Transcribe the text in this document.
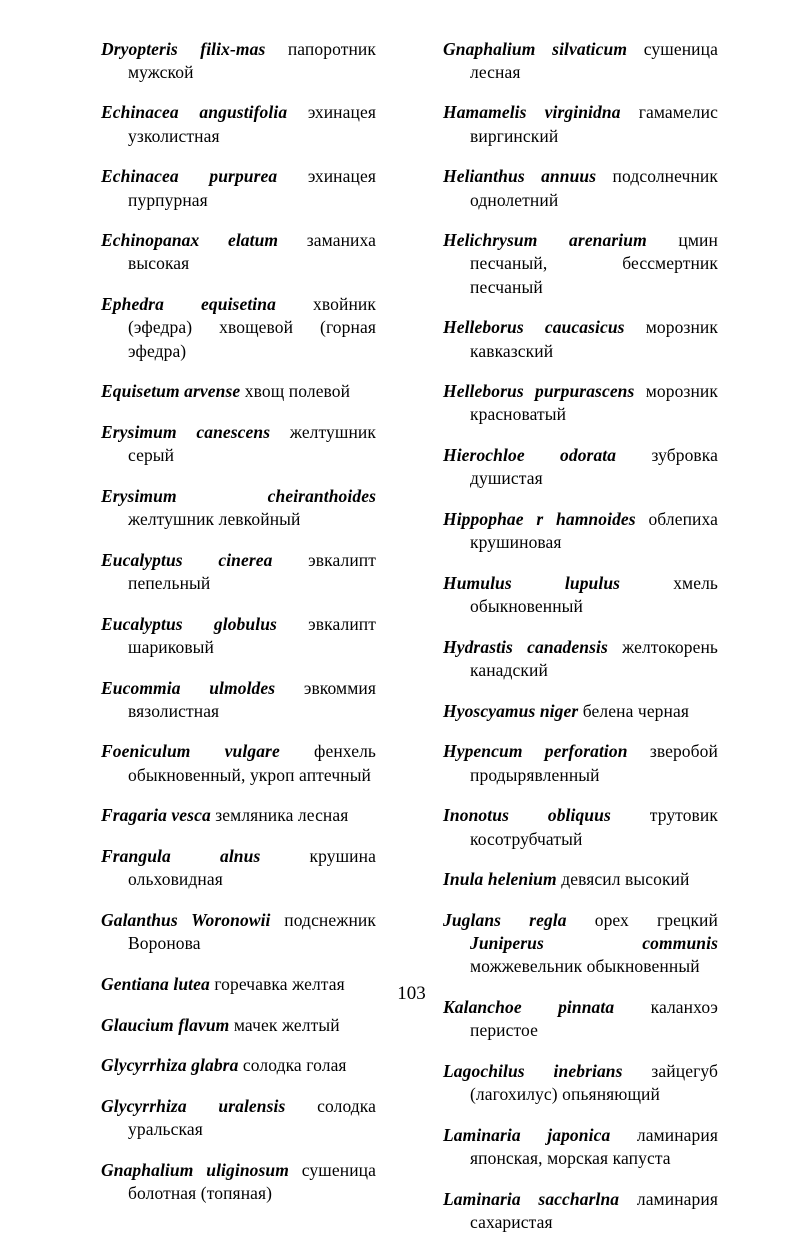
Dryopteris filix-mas папоротник мужской

Echinacea angustifolia эхинацея узколистная

Echinacea purpurea эхинацея пурпурная

Echinopanax elatum заманиха высокая

Ephedra equisetina хвойник (эфедра) хвощевой (горная эфедра)

Equisetum arvense хвощ полевой

Erysimum canescens желтушник серый

Erysimum cheiranthoides желтушник левкойный

Eucalyptus cinerea эвкалипт пепельный

Eucalyptus globulus эвкалипт шариковый

Eucommia ulmoldes эвкоммия вязолистная

Foeniculum vulgare фенхель обыкновенный, укроп аптечный

Fragaria vesca земляника лесная

Frangula alnus	крушина ольховидная

Galanthus Woronowii подснежник Воронова

Gentiana lutea горечавка желтая

Glaucium flavum мачек желтый

Glycyrrhiza glabra солодка голая

Glycyrrhiza uralensis солодка уральская

Gnaphalium uliginosum сушеница болотная (топяная)

Gnaphalium silvaticum сушеница лесная

Hamamelis virginidna гамамелис виргинский

Helianthus annuus подсолнечник однолетний

Helichrysum arenarium цмин песчаный, бессмертник песчаный

Helleborus caucasicus морозник кавказский

Helleborus purpurascens морозник красноватый

Hierochloe odorata зубровка душистая

Hippophae r hamnoides облепиха крушиновая

Humulus lupulus	хмель обыкновенный

Hydrastis canadensis желтокорень канадский

Hyoscyamus niger белена черная

Hypencum perforation зверобой продырявленный

Inonotus obliquus трутовик косотрубчатый

Inula helenium девясил высокий

Juglans regla орех грецкий Juniperus communis можжевельник обыкновенный

Kalanchoe pinnata каланхоэ перистое

Lagochilus inebrians зайцегуб (лагохилус) опьяняющий

Laminaria japonica ламинария японская, морская капуста

Laminaria saccharlna ламинария сахаристая

103
